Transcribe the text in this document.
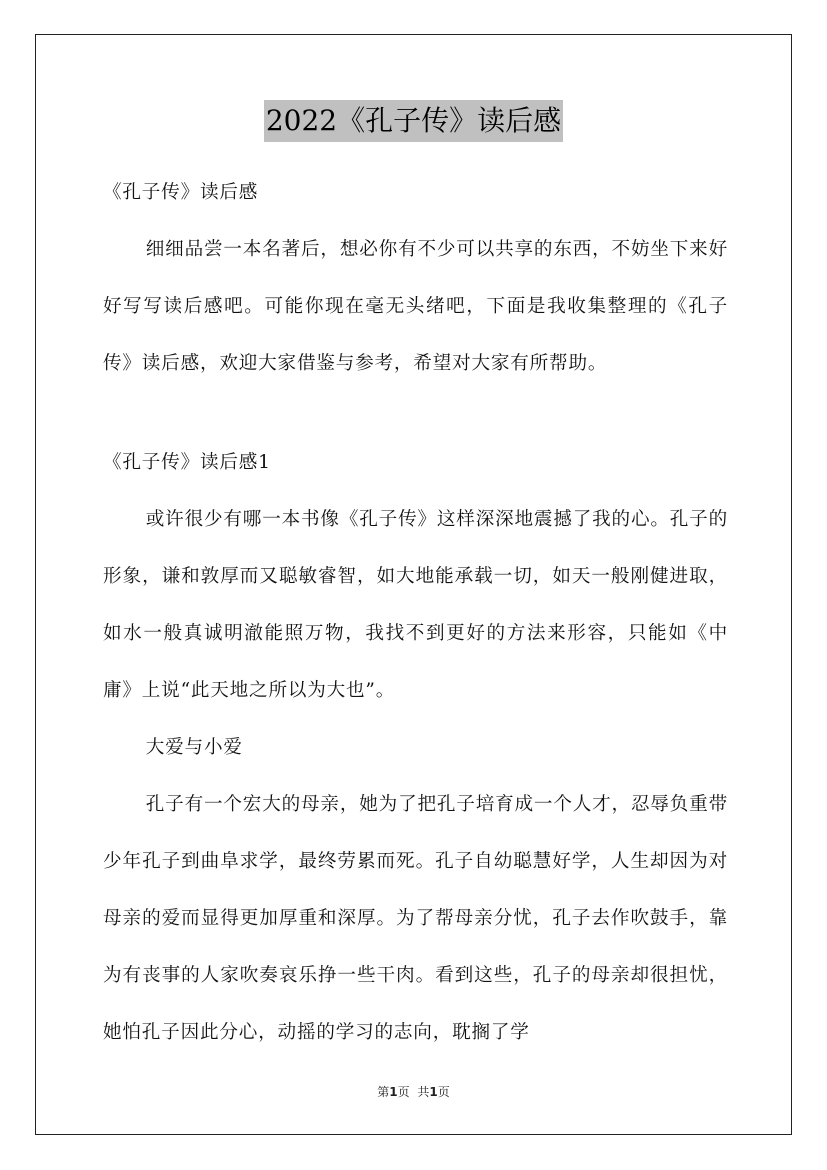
2022《孔子传》读后感

《孔子传》读后感

细细品尝一本名著后，想必你有不少可以共享的东西，不妨坐下来好好写写读后感吧。可能你现在毫无头绪吧，下面是我收集整理的《孔子传》读后感，欢迎大家借鉴与参考，希望对大家有所帮助。

《孔子传》读后感1

或许很少有哪一本书像《孔子传》这样深深地震撼了我的心。孔子的形象，谦和敦厚而又聪敏睿智，如大地能承载一切，如天一般刚健进取，如水一般真诚明澈能照万物，我找不到更好的方法来形容，只能如《中庸》上说“此天地之所以为大也”。

大爱与小爱

孔子有一个宏大的母亲，她为了把孔子培育成一个人才，忍辱负重带少年孔子到曲阜求学，最终劳累而死。孔子自幼聪慧好学，人生却因为对母亲的爱而显得更加厚重和深厚。为了帮母亲分忧，孔子去作吹鼓手，靠为有丧事的人家吹奏哀乐挣一些干肉。看到这些，孔子的母亲却很担忧，她怕孔子因此分心，动摇的学习的志向，耽搁了学

第1页 共1页
